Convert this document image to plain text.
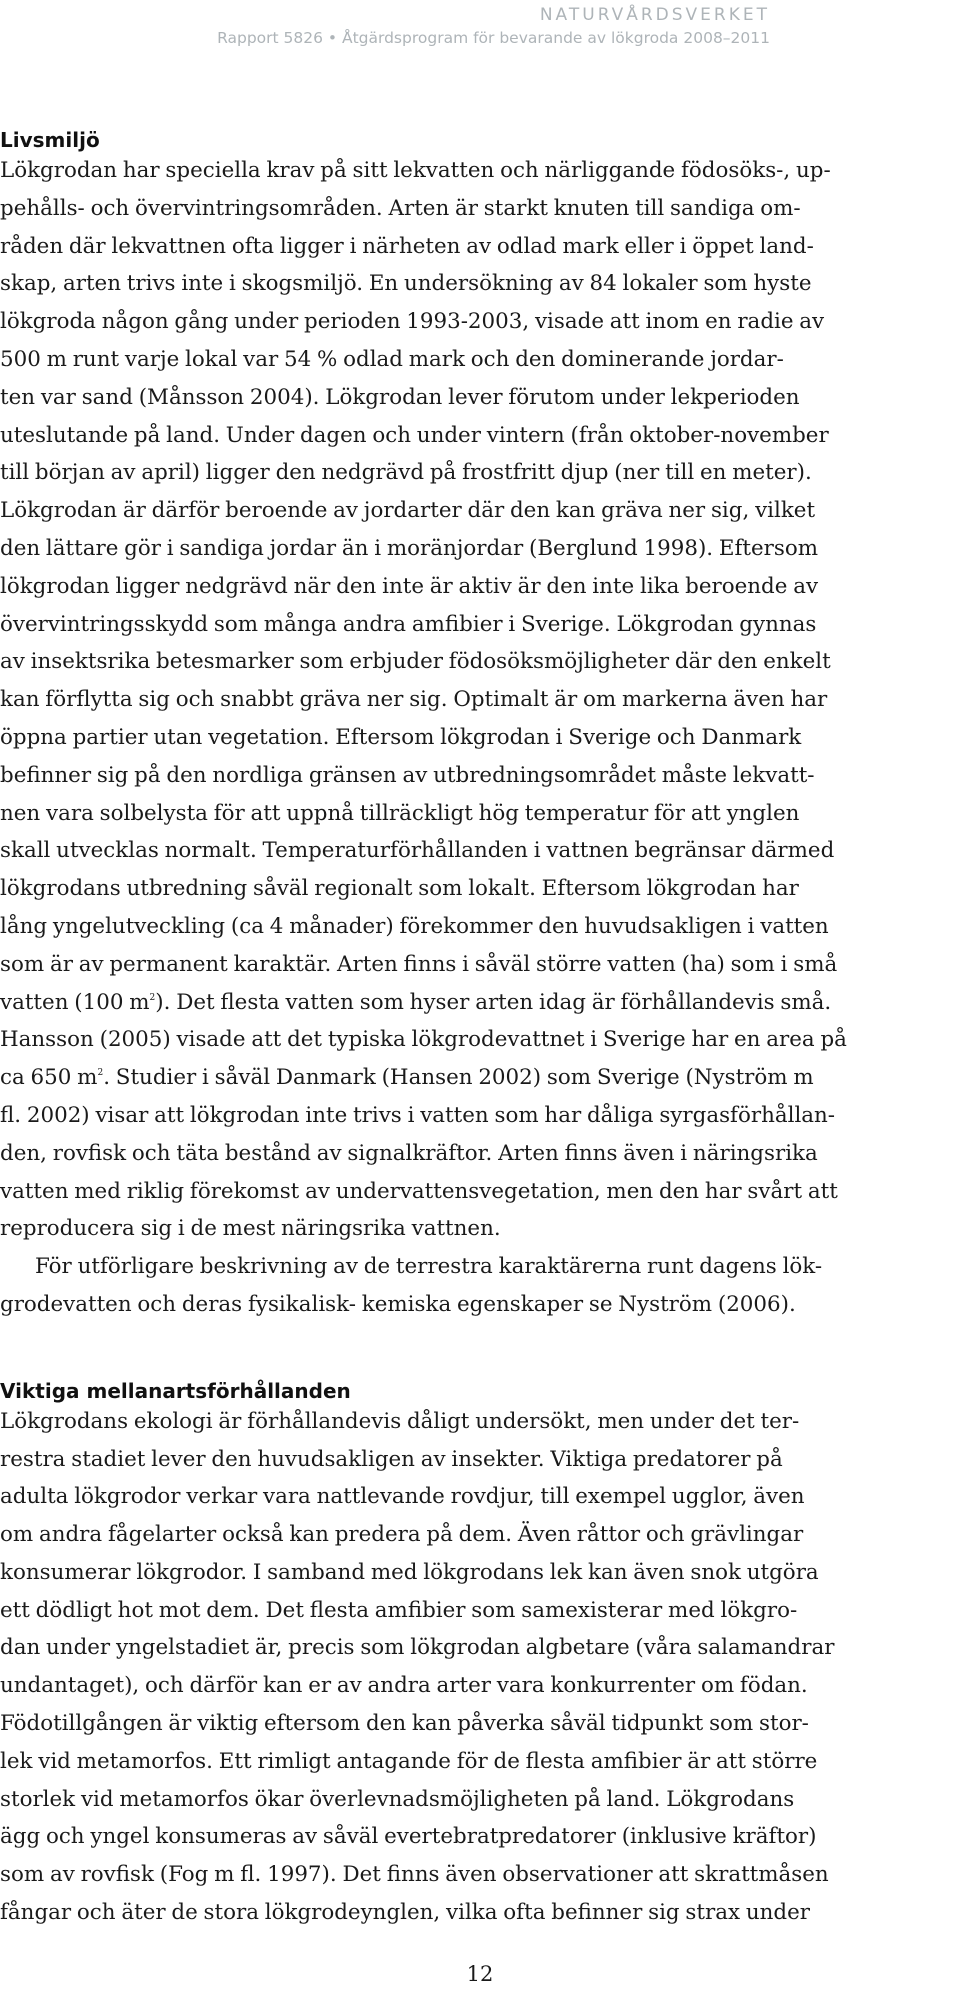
NATURVÅRDSVERKET
Rapport 5826 • Åtgärdsprogram för bevarande av lökgroda 2008–2011
Livsmiljö

Lökgrodan har speciella krav på sitt lekvatten och närliggande födosöks-, up-
pehålls- och övervintringsområden. Arten är starkt knuten till sandiga om-
råden där lekvattnen ofta ligger i närheten av odlad mark eller i öppet land-
skap, arten trivs inte i skogsmiljö. En undersökning av 84 lokaler som hyste
lökgroda någon gång under perioden 1993-2003, visade att inom en radie av
500 m runt varje lokal var 54 % odlad mark och den dominerande jordar-
ten var sand (Månsson 2004). Lökgrodan lever förutom under lekperioden
uteslutande på land. Under dagen och under vintern (från oktober-november
till början av april) ligger den nedgrävd på frostfritt djup (ner till en meter).
Lökgrodan är därför beroende av jordarter där den kan gräva ner sig, vilket
den lättare gör i sandiga jordar än i moränjordar (Berglund 1998). Eftersom
lökgrodan ligger nedgrävd när den inte är aktiv är den inte lika beroende av
övervintringsskydd som många andra amfibier i Sverige. Lökgrodan gynnas
av insektsrika betesmarker som erbjuder födosöksmöjligheter där den enkelt
kan förflytta sig och snabbt gräva ner sig. Optimalt är om markerna även har
öppna partier utan vegetation. Eftersom lökgrodan i Sverige och Danmark
befinner sig på den nordliga gränsen av utbredningsområdet måste lekvatt-
nen vara solbelysta för att uppnå tillräckligt hög temperatur för att ynglen
skall utvecklas normalt. Temperaturförhållanden i vattnen begränsar därmed
lökgrodans utbredning såväl regionalt som lokalt. Eftersom lökgrodan har
lång yngelutveckling (ca 4 månader) förekommer den huvudsakligen i vatten
som är av permanent karaktär. Arten finns i såväl större vatten (ha) som i små
vatten (100 $m^2$). Det flesta vatten som hyser arten idag är förhållandevis små.
Hansson (2005) visade att det typiska lökgrodevattnet i Sverige har en area på
ca 650 $m^2$. Studier i såväl Danmark (Hansen 2002) som Sverige (Nyström m
fl. 2002) visar att lökgrodan inte trivs i vatten som har dåliga syrgasförhållan-
den, rovfisk och täta bestånd av signalkräftor. Arten finns även i näringsrika
vatten med riklig förekomst av undervattensvegetation, men den har svårt att
reproducera sig i de mest näringsrika vattnen.

För utförligare beskrivning av de terrestra karaktärerna runt dagens lök-
grodevatten och deras fysikalisk- kemiska egenskaper se Nyström (2006).

Viktiga mellanartsförhållanden

Lökgrodans ekologi är förhållandevis dåligt undersökt, men under det ter-
restra stadiet lever den huvudsakligen av insekter. Viktiga predatorer på
adulta lökgrodor verkar vara nattlevande rovdjur, till exempel ugglor, även
om andra fågelarter också kan predera på dem. Även råttor och grävlingar
konsumerar lökgrodor. I samband med lökgrodans lek kan även snok utgöra
ett dödligt hot mot dem. Det flesta amfibier som samexisterar med lökgro-
dan under yngelstadiet är, precis som lökgrodan algbetare (våra salamandrar
undantaget), och därför kan er av andra arter vara konkurrenter om födan.
Födotillgången är viktig eftersom den kan påverka såväl tidpunkt som stor-
lek vid metamorfos. Ett rimligt antagande för de flesta amfibier är att större
storlek vid metamorfos ökar överlevnadsmöjligheten på land. Lökgrodans
ägg och yngel konsumeras av såväl evertebratpredatorer (inklusive kräftor)
som av rovfisk (Fog m fl. 1997). Det finns även observationer att skrattmåsen
fångar och äter de stora lökgrodeynglen, vilka ofta befinner sig strax under

12
